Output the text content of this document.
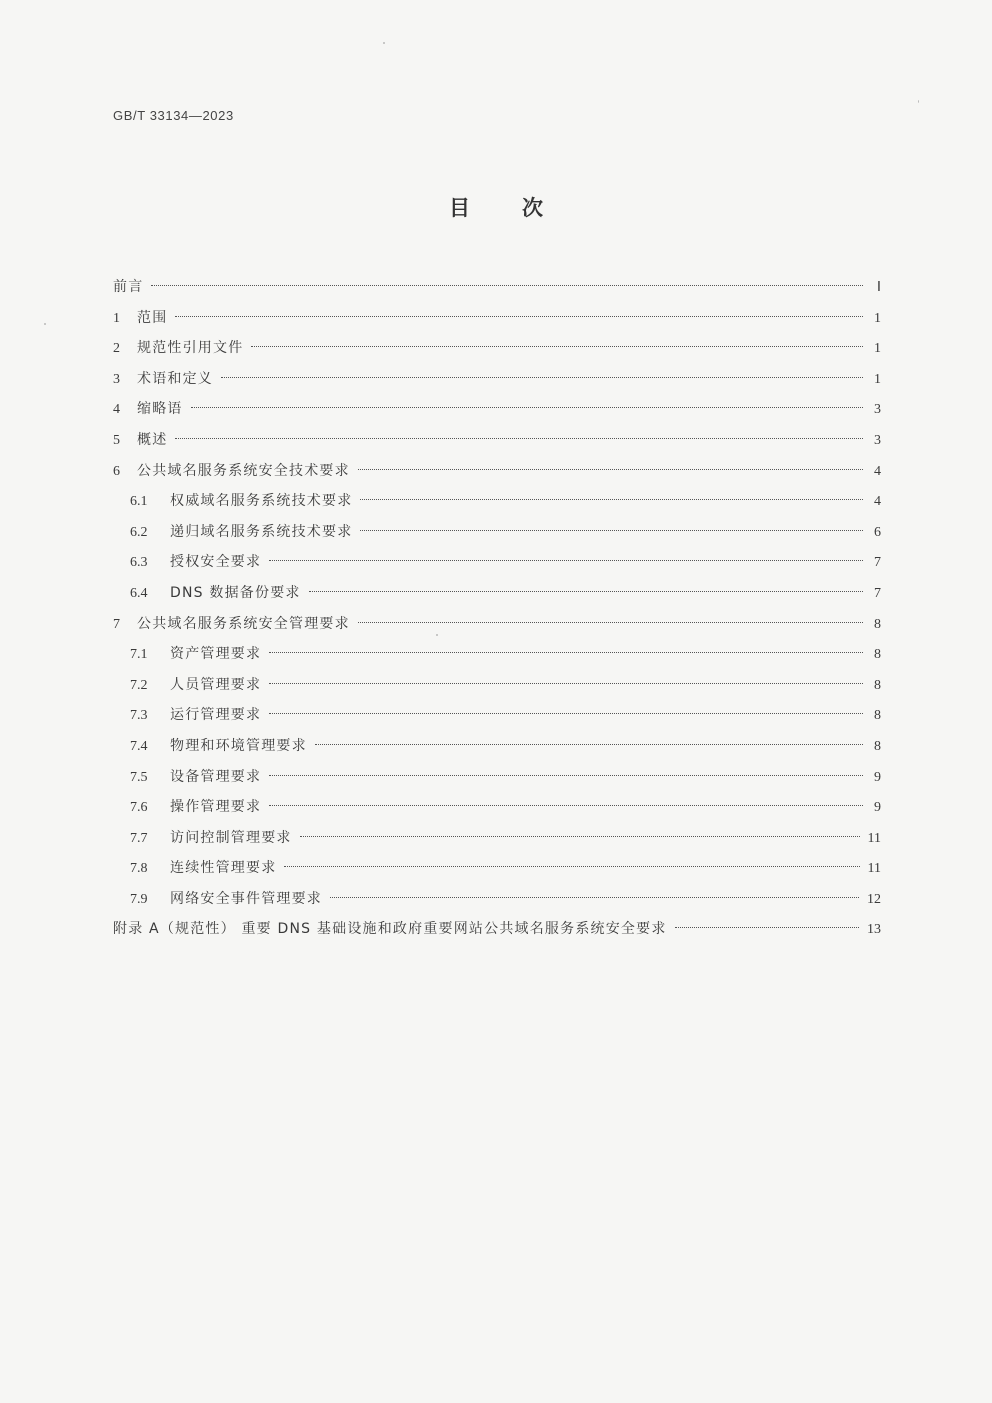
GB/T 33134—2023
目次
前言	Ⅰ
1	范围	1
2	规范性引用文件	1
3	术语和定义	1
4	缩略语	3
5	概述	3
6	公共域名服务系统安全技术要求	4
6.1	权威域名服务系统技术要求	4
6.2	递归域名服务系统技术要求	6
6.3	授权安全要求	7
6.4	DNS 数据备份要求	7
7	公共域名服务系统安全管理要求	8
7.1	资产管理要求	8
7.2	人员管理要求	8
7.3	运行管理要求	8
7.4	物理和环境管理要求	8
7.5	设备管理要求	9
7.6	操作管理要求	9
7.7	访问控制管理要求	11
7.8	连续性管理要求	11
7.9	网络安全事件管理要求	12
附录 A（规范性） 重要 DNS 基础设施和政府重要网站公共域名服务系统安全要求	13
